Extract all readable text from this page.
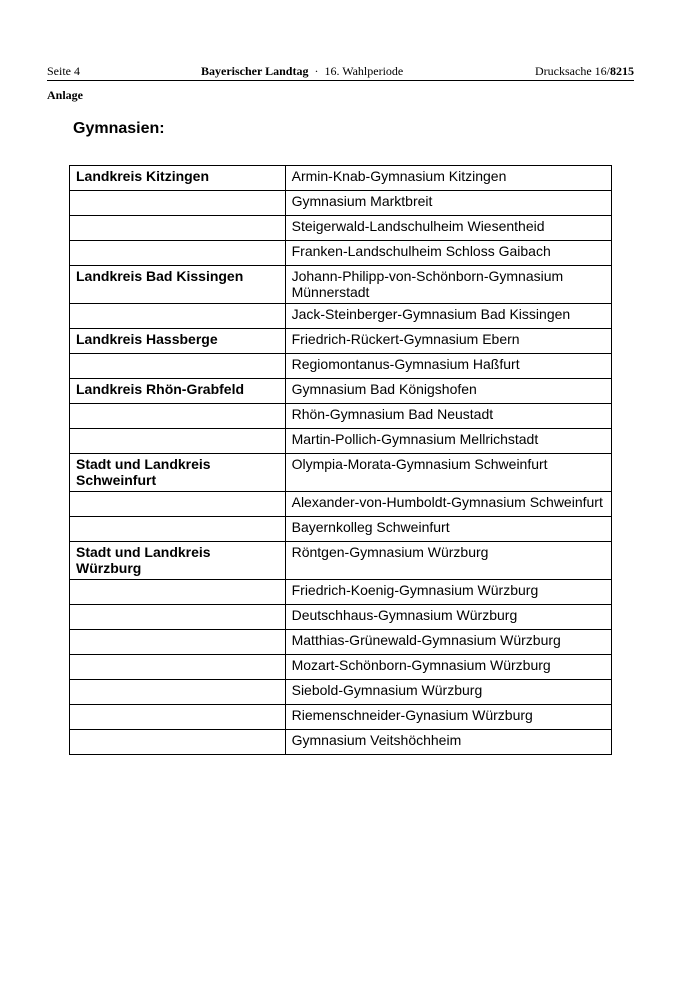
Seite 4	Bayerischer Landtag · 16. Wahlperiode	Drucksache 16/8215
Anlage
Gymnasien:
Landkreis Kitzingen	Armin-Knab-Gymnasium Kitzingen
	Gymnasium Marktbreit
	Steigerwald-Landschulheim Wiesentheid
	Franken-Landschulheim Schloss Gaibach
Landkreis Bad Kissingen	Johann-Philipp-von-Schönborn-Gymnasium Münnerstadt
	Jack-Steinberger-Gymnasium Bad Kissingen
Landkreis Hassberge	Friedrich-Rückert-Gymnasium Ebern
	Regiomontanus-Gymnasium Haßfurt
Landkreis Rhön-Grabfeld	Gymnasium Bad Königshofen
	Rhön-Gymnasium Bad Neustadt
	Martin-Pollich-Gymnasium Mellrichstadt
Stadt und Landkreis Schweinfurt	Olympia-Morata-Gymnasium Schweinfurt
	Alexander-von-Humboldt-Gymnasium Schweinfurt
	Bayernkolleg Schweinfurt
Stadt und Landkreis Würzburg	Röntgen-Gymnasium Würzburg
	Friedrich-Koenig-Gymnasium Würzburg
	Deutschhaus-Gymnasium Würzburg
	Matthias-Grünewald-Gymnasium Würzburg
	Mozart-Schönborn-Gymnasium Würzburg
	Siebold-Gymnasium Würzburg
	Riemenschneider-Gynasium Würzburg
	Gymnasium Veitshöchheim
